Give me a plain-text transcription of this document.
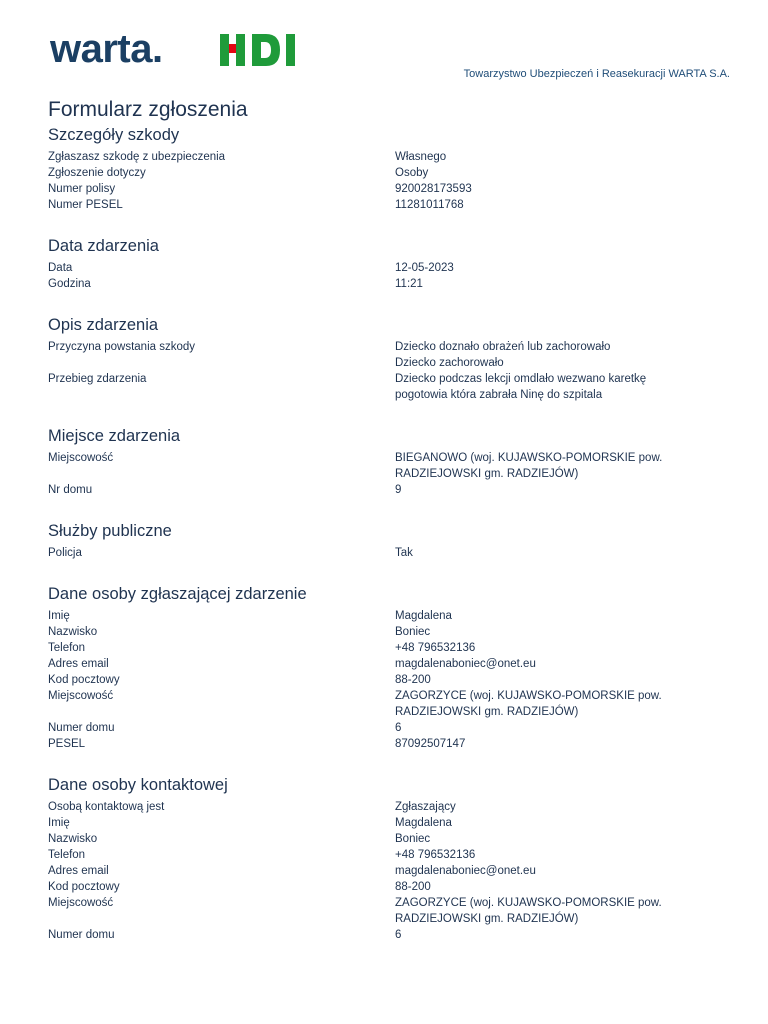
warta.	HDI
Towarzystwo Ubezpieczeń i Reasekuracji WARTA S.A.
Formularz zgłoszenia
Szczegóły szkody
Zgłaszasz szkodę z ubezpieczenia	Własnego
Zgłoszenie dotyczy	Osoby
Numer polisy	920028173593
Numer PESEL	11281011768
Data zdarzenia
Data	12-05-2023
Godzina	11:21
Opis zdarzenia
Przyczyna powstania szkody	Dziecko doznało obrażeń lub zachorowało
Dziecko zachorowało
Przebieg zdarzenia	Dziecko podczas lekcji omdlało wezwano karetkę
pogotowia która zabrała Ninę do szpitala
Miejsce zdarzenia
Miejscowość	BIEGANOWO (woj. KUJAWSKO-POMORSKIE pow.
RADZIEJOWSKI gm. RADZIEJÓW)
Nr domu	9
Służby publiczne
Policja	Tak
Dane osoby zgłaszającej zdarzenie
Imię	Magdalena
Nazwisko	Boniec
Telefon	+48 796532136
Adres email	magdalenaboniec@onet.eu
Kod pocztowy	88-200
Miejscowość	ZAGORZYCE (woj. KUJAWSKO-POMORSKIE pow.
RADZIEJOWSKI gm. RADZIEJÓW)
Numer domu	6
PESEL	87092507147
Dane osoby kontaktowej
Osobą kontaktową jest	Zgłaszający
Imię	Magdalena
Nazwisko	Boniec
Telefon	+48 796532136
Adres email	magdalenaboniec@onet.eu
Kod pocztowy	88-200
Miejscowość	ZAGORZYCE (woj. KUJAWSKO-POMORSKIE pow.
RADZIEJOWSKI gm. RADZIEJÓW)
Numer domu	6
